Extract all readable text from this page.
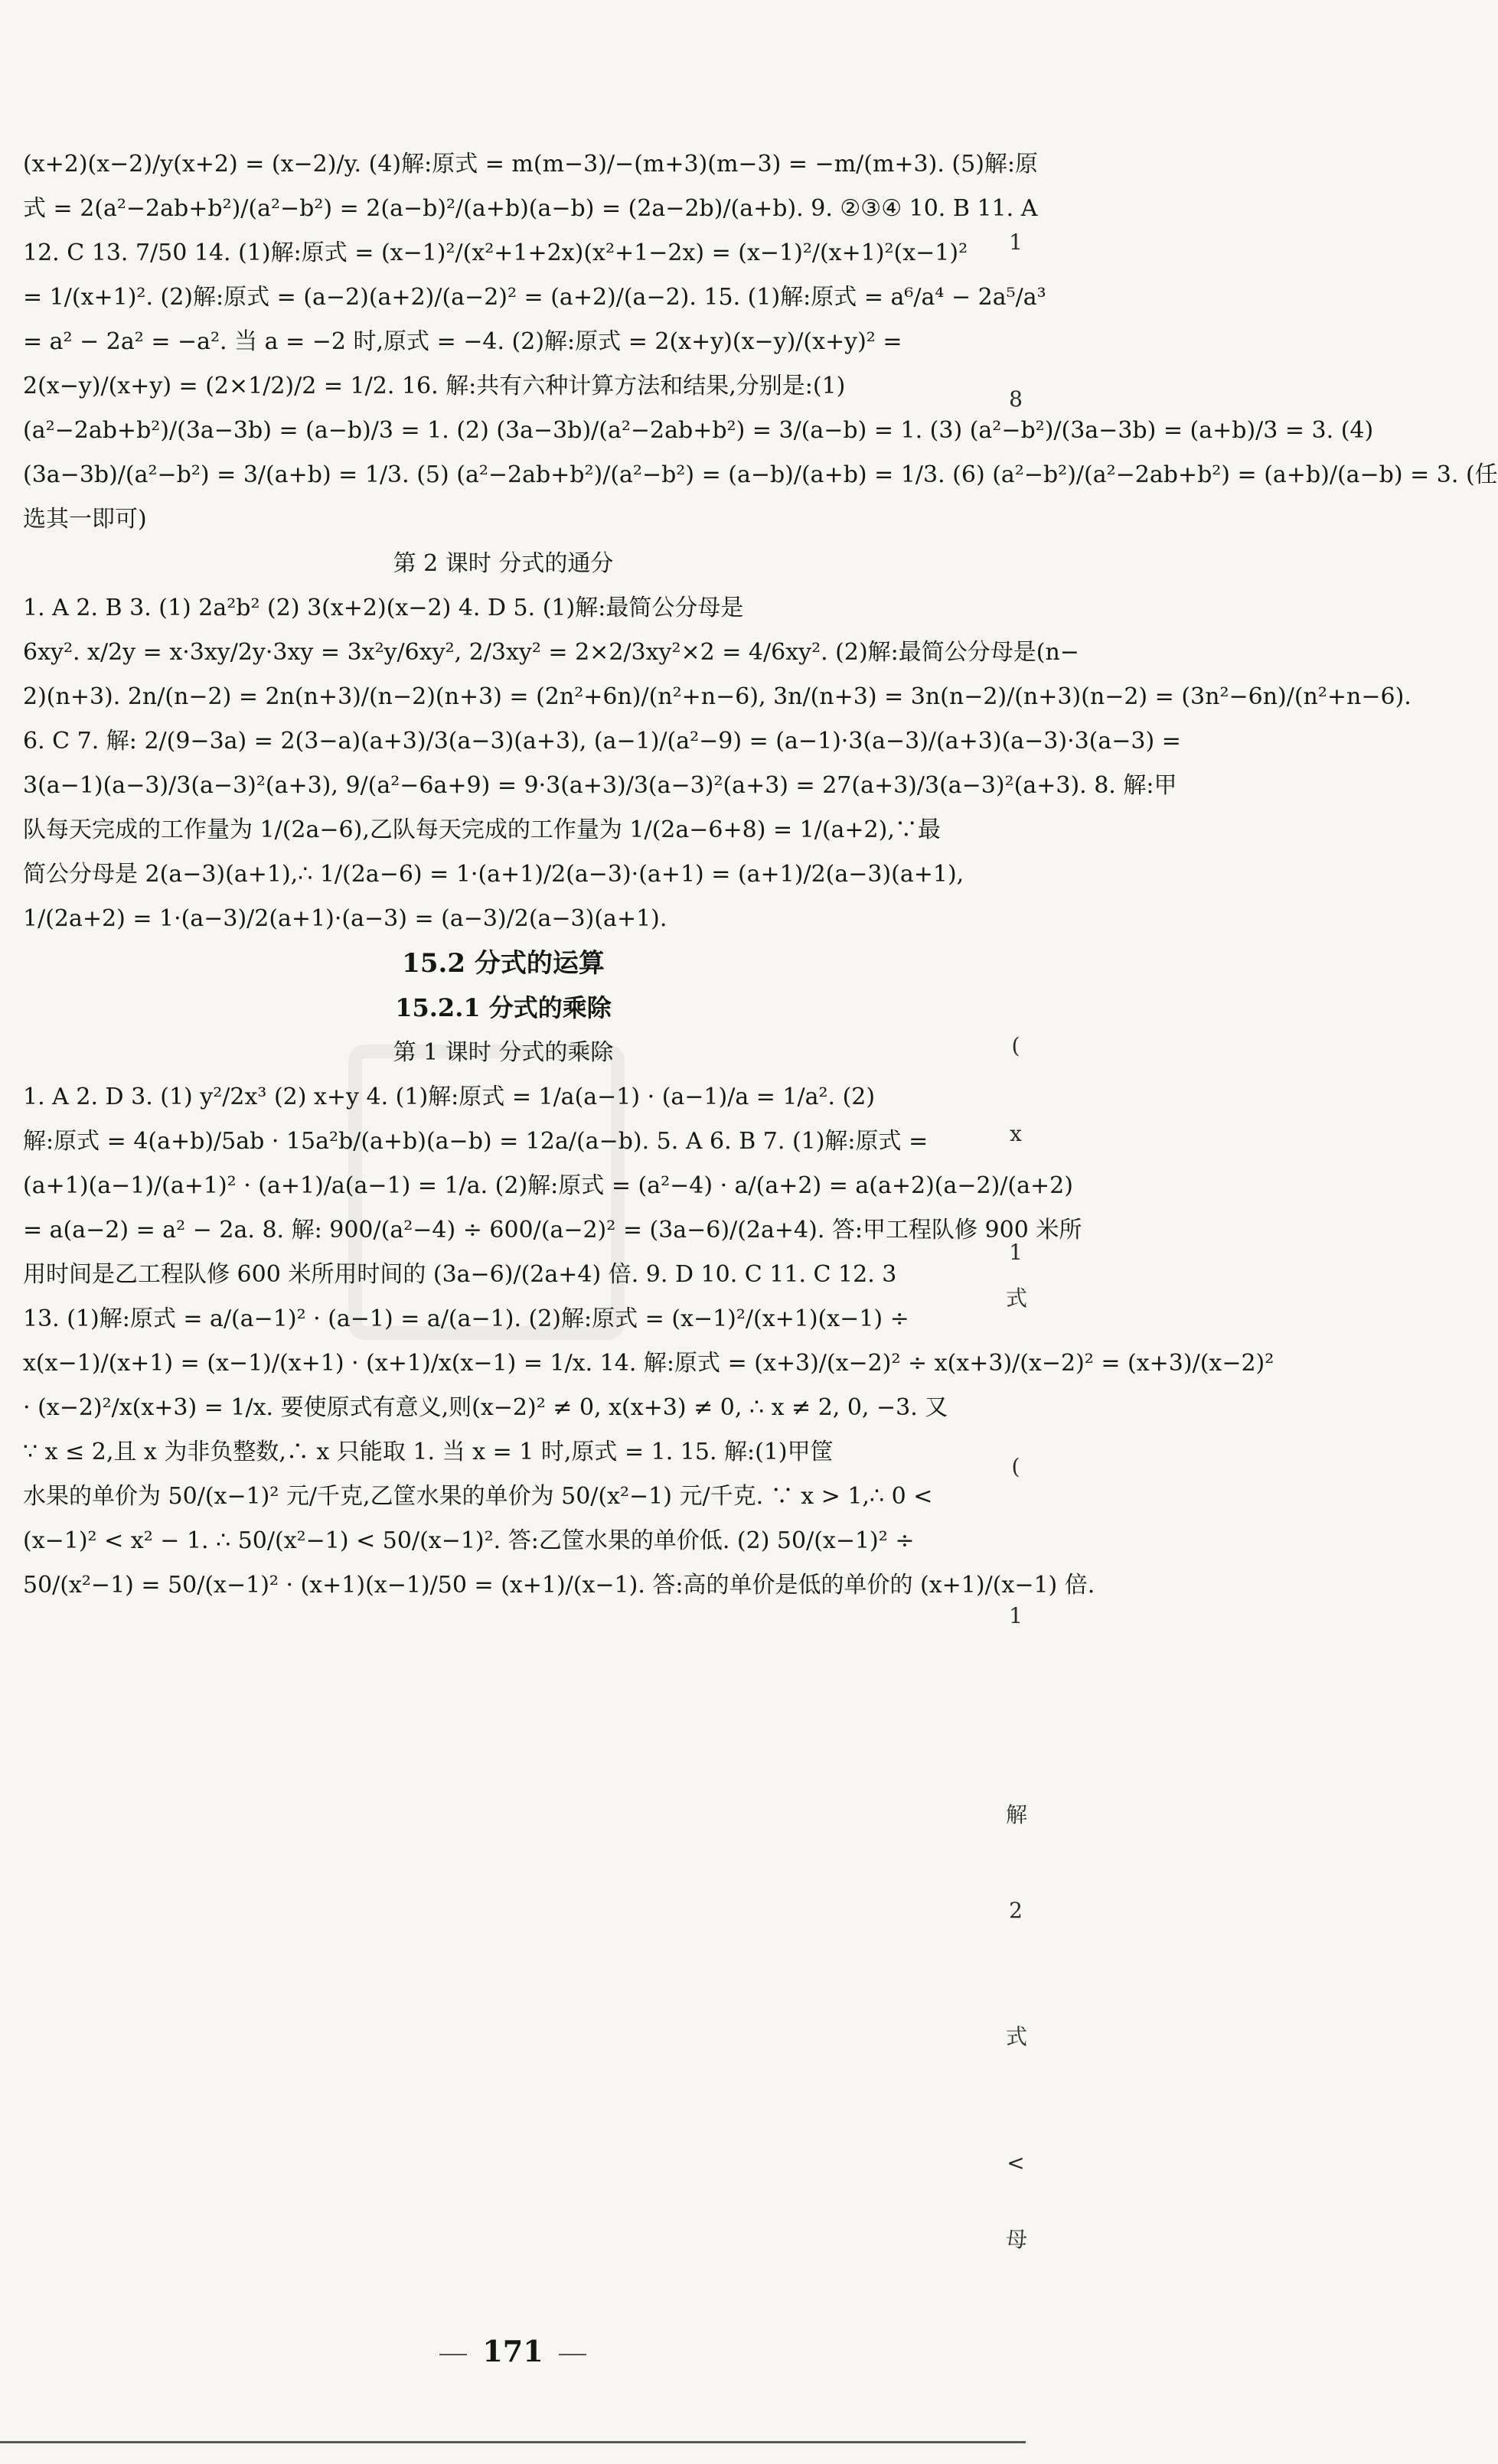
(x+2)(x−2)/y(x+2) = (x−2)/y. (4)解:原式 = m(m−3)/−(m+3)(m−3) = −m/(m+3). (5)解:原
式 = 2(a²−2ab+b²)/(a²−b²) = 2(a−b)²/(a+b)(a−b) = (2a−2b)/(a+b). 9. ②③④ 10. B 11. A
12. C 13. 7/50 14. (1)解:原式 = (x−1)²/(x²+1+2x)(x²+1−2x) = (x−1)²/(x+1)²(x−1)²
= 1/(x+1)². (2)解:原式 = (a−2)(a+2)/(a−2)² = (a+2)/(a−2). 15. (1)解:原式 = a⁶/a⁴ − 2a⁵/a³
= a² − 2a² = −a². 当 a = −2 时,原式 = −4. (2)解:原式 = 2(x+y)(x−y)/(x+y)² =
2(x−y)/(x+y) = (2×1/2)/2 = 1/2. 16. 解:共有六种计算方法和结果,分别是:(1)
(a²−2ab+b²)/(3a−3b) = (a−b)/3 = 1. (2) (3a−3b)/(a²−2ab+b²) = 3/(a−b) = 1. (3) (a²−b²)/(3a−3b) = (a+b)/3 = 3. (4)
(3a−3b)/(a²−b²) = 3/(a+b) = 1/3. (5) (a²−2ab+b²)/(a²−b²) = (a−b)/(a+b) = 1/3. (6) (a²−b²)/(a²−2ab+b²) = (a+b)/(a−b) = 3. (任
选其一即可)
第 2 课时 分式的通分
1. A 2. B 3. (1) 2a²b² (2) 3(x+2)(x−2) 4. D 5. (1)解:最简公分母是
6xy². x/2y = x·3xy/2y·3xy = 3x²y/6xy², 2/3xy² = 2×2/3xy²×2 = 4/6xy². (2)解:最简公分母是(n−
2)(n+3). 2n/(n−2) = 2n(n+3)/(n−2)(n+3) = (2n²+6n)/(n²+n−6), 3n/(n+3) = 3n(n−2)/(n+3)(n−2) = (3n²−6n)/(n²+n−6).
6. C 7. 解: 2/(9−3a) = 2(3−a)(a+3)/3(a−3)(a+3), (a−1)/(a²−9) = (a−1)·3(a−3)/(a+3)(a−3)·3(a−3) =
3(a−1)(a−3)/3(a−3)²(a+3), 9/(a²−6a+9) = 9·3(a+3)/3(a−3)²(a+3) = 27(a+3)/3(a−3)²(a+3). 8. 解:甲
队每天完成的工作量为 1/(2a−6),乙队每天完成的工作量为 1/(2a−6+8) = 1/(a+2),∵最
简公分母是 2(a−3)(a+1),∴ 1/(2a−6) = 1·(a+1)/2(a−3)·(a+1) = (a+1)/2(a−3)(a+1),
1/(2a+2) = 1·(a−3)/2(a+1)·(a−3) = (a−3)/2(a−3)(a+1).
15.2 分式的运算
15.2.1 分式的乘除
第 1 课时 分式的乘除
1. A 2. D 3. (1) y²/2x³ (2) x+y 4. (1)解:原式 = 1/a(a−1) · (a−1)/a = 1/a². (2)
解:原式 = 4(a+b)/5ab · 15a²b/(a+b)(a−b) = 12a/(a−b). 5. A 6. B 7. (1)解:原式 =
(a+1)(a−1)/(a+1)² · (a+1)/a(a−1) = 1/a. (2)解:原式 = (a²−4) · a/(a+2) = a(a+2)(a−2)/(a+2)
= a(a−2) = a² − 2a. 8. 解: 900/(a²−4) ÷ 600/(a−2)² = (3a−6)/(2a+4). 答:甲工程队修 900 米所
用时间是乙工程队修 600 米所用时间的 (3a−6)/(2a+4) 倍. 9. D 10. C 11. C 12. 3
13. (1)解:原式 = a/(a−1)² · (a−1) = a/(a−1). (2)解:原式 = (x−1)²/(x+1)(x−1) ÷
x(x−1)/(x+1) = (x−1)/(x+1) · (x+1)/x(x−1) = 1/x. 14. 解:原式 = (x+3)/(x−2)² ÷ x(x+3)/(x−2)² = (x+3)/(x−2)²
· (x−2)²/x(x+3) = 1/x. 要使原式有意义,则(x−2)² ≠ 0, x(x+3) ≠ 0, ∴ x ≠ 2, 0, −3. 又
∵ x ≤ 2,且 x 为非负整数,∴ x 只能取 1. 当 x = 1 时,原式 = 1. 15. 解:(1)甲筐
水果的单价为 50/(x−1)² 元/千克,乙筐水果的单价为 50/(x²−1) 元/千克. ∵ x > 1,∴ 0 <
(x−1)² < x² − 1. ∴ 50/(x²−1) < 50/(x−1)². 答:乙筐水果的单价低. (2) 50/(x−1)² ÷
50/(x²−1) = 50/(x−1)² · (x+1)(x−1)/50 = (x+1)/(x−1). 答:高的单价是低的单价的 (x+1)/(x−1) 倍.
1
8
(
x
1
式
(
1
解
2
式
<
母
171
